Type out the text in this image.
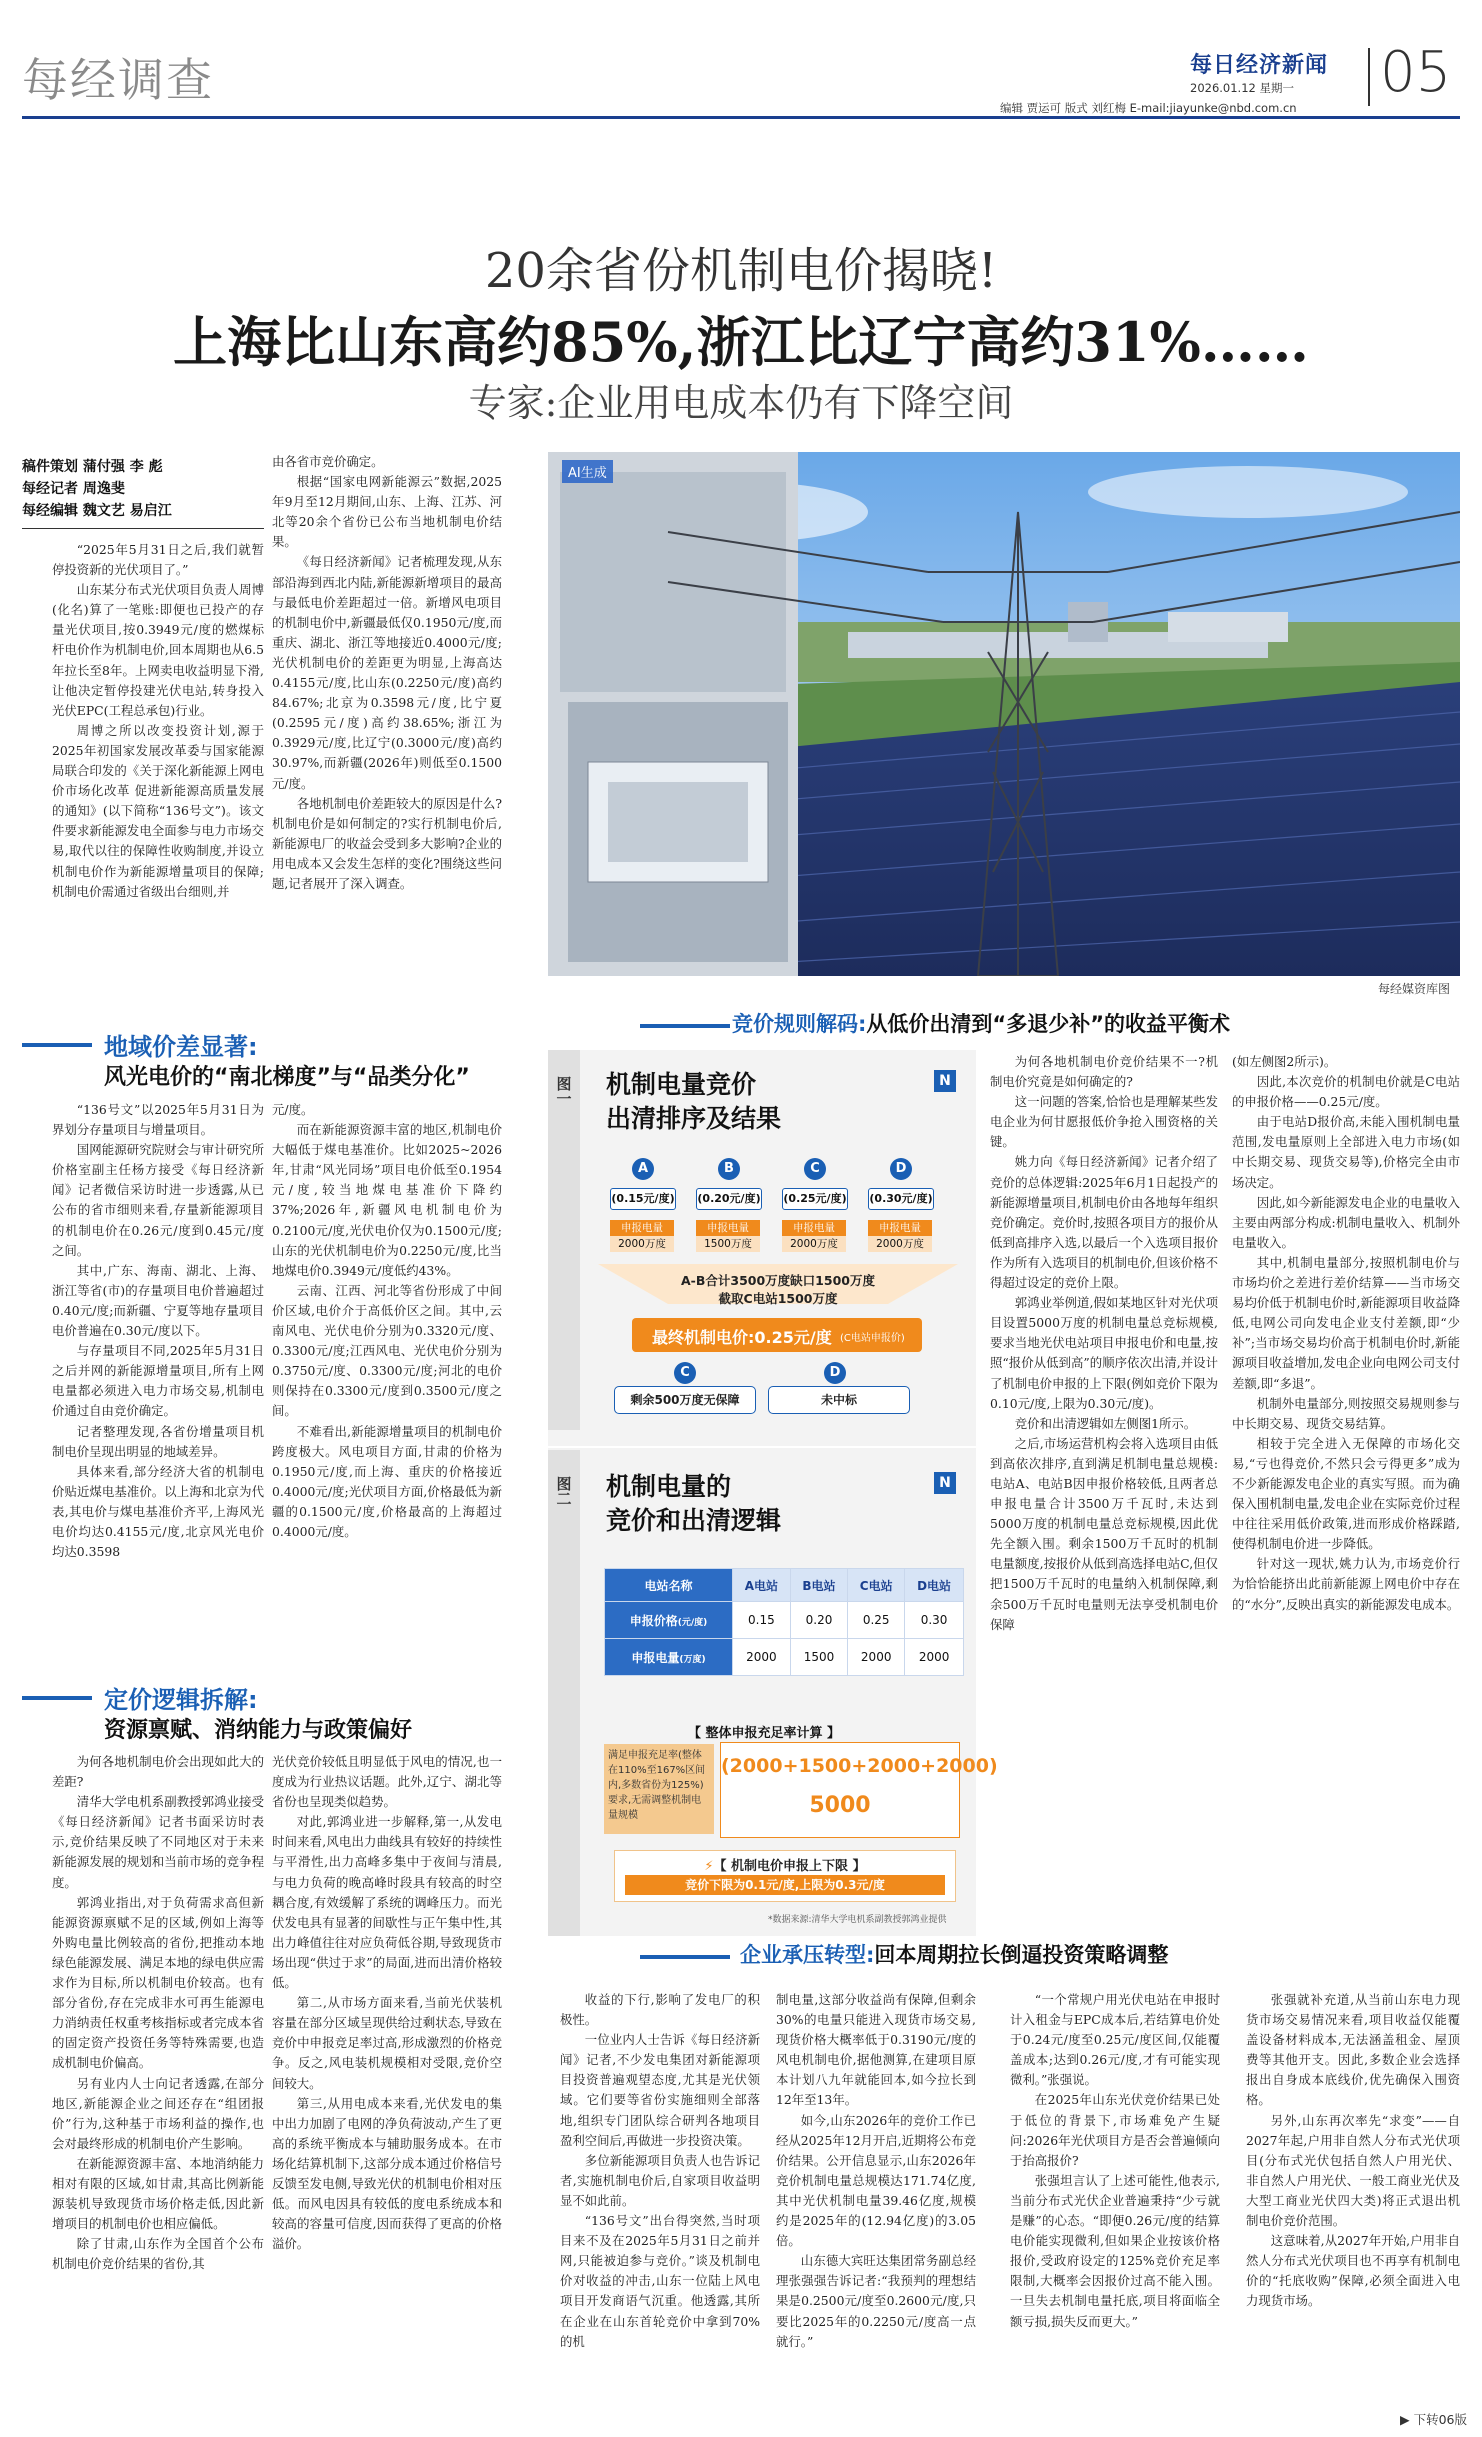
每经调查	每日经济新闻
2026.01.12 星期一
编辑 贾运可 版式 刘红梅 E-mail:jiayunke@nbd.com.cn
05
20余省份机制电价揭晓!
上海比山东高约85%,浙江比辽宁高约31%……
专家:企业用电成本仍有下降空间
稿件策划 蒲付强 李 彪
每经记者 周逸斐
每经编辑 魏文艺 易启江

“2025年5月31日之后,我们就暂停投资新的光伏项目了。”

山东某分布式光伏项目负责人周博(化名)算了一笔账:即便也已投产的存量光伏项目,按0.3949元/度的燃煤标杆电价作为机制电价,回本周期也从6.5年拉长至8年。上网卖电收益明显下滑,让他决定暂停投建光伏电站,转身投入光伏EPC(工程总承包)行业。

周博之所以改变投资计划,源于2025年初国家发展改革委与国家能源局联合印发的《关于深化新能源上网电价市场化改革 促进新能源高质量发展的通知》(以下简称“136号文”)。该文件要求新能源发电全面参与电力市场交易,取代以往的保障性收购制度,并设立机制电价作为新能源增量项目的保障;机制电价需通过省级出台细则,并

由各省市竞价确定。

根据“国家电网新能源云”数据,2025年9月至12月期间,山东、上海、江苏、河北等20余个省份已公布当地机制电价结果。

《每日经济新闻》记者梳理发现,从东部沿海到西北内陆,新能源新增项目的最高与最低电价差距超过一倍。新增风电项目的机制电价中,新疆最低仅0.1950元/度,而重庆、湖北、浙江等地接近0.4000元/度;光伏机制电价的差距更为明显,上海高达0.4155元/度,比山东(0.2250元/度)高约84.67%;北京为0.3598元/度,比宁夏(0.2595元/度)高约38.65%;浙江为0.3929元/度,比辽宁(0.3000元/度)高约30.97%,而新疆(2026年)则低至0.1500元/度。

各地机制电价差距较大的原因是什么?机制电价是如何制定的?实行机制电价后,新能源电厂的收益会受到多大影响?企业的用电成本又会发生怎样的变化?围绕这些问题,记者展开了深入调查。

AI生成
每经媒资库图
地域价差显著:
风光电价的“南北梯度”与“品类分化”

“136号文”以2025年5月31日为界划分存量项目与增量项目。

国网能源研究院财会与审计研究所价格室副主任杨方接受《每日经济新闻》记者微信采访时进一步透露,从已公布的省市细则来看,存量新能源项目的机制电价在0.26元/度到0.45元/度之间。

其中,广东、海南、湖北、上海、浙江等省(市)的存量项目电价普遍超过0.40元/度;而新疆、宁夏等地存量项目电价普遍在0.30元/度以下。

与存量项目不同,2025年5月31日之后并网的新能源增量项目,所有上网电量都必须进入电力市场交易,机制电价通过自由竞价确定。

记者整理发现,各省份增量项目机制电价呈现出明显的地域差异。

具体来看,部分经济大省的机制电价贴近煤电基准价。以上海和北京为代表,其电价与煤电基准价齐平,上海风光电价均达0.4155元/度,北京风光电价均达0.3598

元/度。

而在新能源资源丰富的地区,机制电价大幅低于煤电基准价。比如2025~2026年,甘肃“风光同场”项目电价低至0.1954元/度,较当地煤电基准价下降约37%;2026年,新疆风电机制电价为0.2100元/度,光伏电价仅为0.1500元/度;山东的光伏机制电价为0.2250元/度,比当地煤电价0.3949元/度低约43%。

云南、江西、河北等省份形成了中间价区域,电价介于高低价区之间。其中,云南风电、光伏电价分别为0.3320元/度、0.3300元/度;江西风电、光伏电价分别为0.3750元/度、0.3300元/度;河北的电价则保持在0.3300元/度到0.3500元/度之间。

不难看出,新能源增量项目的机制电价跨度极大。风电项目方面,甘肃的价格为0.1950元/度,而上海、重庆的价格接近0.4000元/度;光伏项目方面,价格最低为新疆的0.1500元/度,价格最高的上海超过0.4000元/度。

定价逻辑拆解:
资源禀赋、消纳能力与政策偏好

为何各地机制电价会出现如此大的差距?

清华大学电机系副教授郭鸿业接受《每日经济新闻》记者书面采访时表示,竞价结果反映了不同地区对于未来新能源发展的规划和当前市场的竞争程度。

郭鸿业指出,对于负荷需求高但新能源资源禀赋不足的区域,例如上海等外购电量比例较高的省份,把推动本地绿色能源发展、满足本地的绿电供应需求作为目标,所以机制电价较高。也有部分省份,存在完成非水可再生能源电力消纳责任权重考核指标或者完成本省的固定资产投资任务等特殊需要,也造成机制电价偏高。

另有业内人士向记者透露,在部分地区,新能源企业之间还存在“组团报价”行为,这种基于市场利益的操作,也会对最终形成的机制电价产生影响。

在新能源资源丰富、本地消纳能力相对有限的区域,如甘肃,其高比例新能源装机导致现货市场价格走低,因此新增项目的机制电价也相应偏低。

除了甘肃,山东作为全国首个公布机制电价竞价结果的省份,其

光伏竞价较低且明显低于风电的情况,也一度成为行业热议话题。此外,辽宁、湖北等省份也呈现类似趋势。

对此,郭鸿业进一步解释,第一,从发电时间来看,风电出力曲线具有较好的持续性与平滑性,出力高峰多集中于夜间与清晨,与电力负荷的晚高峰时段具有较高的时空耦合度,有效缓解了系统的调峰压力。而光伏发电具有显著的间歇性与正午集中性,其出力峰值往往对应负荷低谷期,导致现货市场出现“供过于求”的局面,进而出清价格较低。

第二,从市场方面来看,当前光伏装机容量在部分区域呈现供给过剩状态,导致在竞价中申报竞足率过高,形成激烈的价格竞争。反之,风电装机规模相对受限,竞价空间较大。

第三,从用电成本来看,光伏发电的集中出力加剧了电网的净负荷波动,产生了更高的系统平衡成本与辅助服务成本。在市场化结算机制下,这部分成本通过价格信号反馈至发电侧,导致光伏的机制电价相对压低。而风电因具有较低的度电系统成本和较高的容量可信度,因而获得了更高的价格溢价。

竞价规则解码:从低价出清到“多退少补”的收益平衡术
图一 机制电量竞价
出清排序及结果
N
A
(0.15元/度)
申报电量
2000万度
B
(0.20元/度)
申报电量
1500万度
C
(0.25元/度)
申报电量
2000万度
D
(0.30元/度)
申报电量
2000万度
A-B合计3500万度缺口1500万度
截取C电站1500万度
最终机制电价:0.25元/度 (C电站申报价)
C	D
剩余500万度无保障	未中标
图二 机制电量的
竞价和出清逻辑
N
电站名称	A电站	B电站	C电站	D电站
申报价格(元/度)	0.15	0.20	0.25	0.30
申报电量(万度)	2000	1500	2000	2000
【 整体申报充足率计算 】
满足申报充足率(整体在110%至167%区间内,多数省份为125%)要求,无需调整机制电量规模
(2000+1500+2000+2000)
5000
⚡【 机制电价申报上下限 】
竞价下限为0.1元/度,上限为0.3元/度
*数据来源:清华大学电机系副教授郭鸿业提供

为何各地机制电价竞价结果不一?机制电价究竟是如何确定的?

这一问题的答案,恰恰也是理解某些发电企业为何甘愿报低价争抢入围资格的关键。

姚力向《每日经济新闻》记者介绍了竞价的总体逻辑:2025年6月1日起投产的新能源增量项目,机制电价由各地每年组织竞价确定。竞价时,按照各项目方的报价从低到高排序入选,以最后一个入选项目报价作为所有入选项目的机制电价,但该价格不得超过设定的竞价上限。

郭鸿业举例道,假如某地区针对光伏项目设置5000万度的机制电量总竞标规模,要求当地光伏电站项目申报电价和电量,按照“报价从低到高”的顺序依次出清,并设计了机制电价申报的上下限(例如竞价下限为0.10元/度,上限为0.30元/度)。

竞价和出清逻辑如左侧图1所示。

之后,市场运营机构会将入选项目由低到高依次排序,直到满足机制电量总规模:电站A、电站B因申报价格较低,且两者总申报电量合计3500万千瓦时,未达到5000万度的机制电量总竞标规模,因此优先全额入围。剩余1500万千瓦时的机制电量额度,按报价从低到高选择电站C,但仅把1500万千瓦时的电量纳入机制保障,剩余500万千瓦时电量则无法享受机制电价保障

(如左侧图2所示)。

因此,本次竞价的机制电价就是C电站的申报价格——0.25元/度。

由于电站D报价高,未能入围机制电量范围,发电量原则上全部进入电力市场(如中长期交易、现货交易等),价格完全由市场决定。

因此,如今新能源发电企业的电量收入主要由两部分构成:机制电量收入、机制外电量收入。

其中,机制电量部分,按照机制电价与市场均价之差进行差价结算——当市场交易均价低于机制电价时,新能源项目收益降低,电网公司向发电企业支付差额,即“少补”;当市场交易均价高于机制电价时,新能源项目收益增加,发电企业向电网公司支付差额,即“多退”。

机制外电量部分,则按照交易规则参与中长期交易、现货交易结算。

相较于完全进入无保障的市场化交易,“亏也得竞价,不然只会亏得更多”成为不少新能源发电企业的真实写照。而为确保入围机制电量,发电企业在实际竞价过程中往往采用低价政策,进而形成价格踩踏,使得机制电价进一步降低。

针对这一现状,姚力认为,市场竞价行为恰恰能挤出此前新能源上网电价中存在的“水分”,反映出真实的新能源发电成本。

企业承压转型:回本周期拉长倒逼投资策略调整

收益的下行,影响了发电厂的积极性。

一位业内人士告诉《每日经济新闻》记者,不少发电集团对新能源项目投资普遍观望态度,尤其是光伏领域。它们要等省份实施细则全部落地,组织专门团队综合研判各地项目盈利空间后,再做进一步投资决策。

多位新能源项目负责人也告诉记者,实施机制电价后,自家项目收益明显不如此前。

“136号文”出台得突然,当时项目来不及在2025年5月31日之前并网,只能被迫参与竞价。”谈及机制电价对收益的冲击,山东一位陆上风电项目开发商语气沉重。他透露,其所在企业在山东首轮竞价中拿到70%的机

制电量,这部分收益尚有保障,但剩余30%的电量只能进入现货市场交易,现货价格大概率低于0.3190元/度的风电机制电价,据他测算,在建项目原本计划八九年就能回本,如今拉长到12年至13年。

如今,山东2026年的竞价工作已经从2025年12月开启,近期将公布竞价结果。公开信息显示,山东2026年竞价机制电量总规模达171.74亿度,其中光伏机制电量39.46亿度,规模约是2025年的(12.94亿度)的3.05倍。

山东德大宾旺达集团常务副总经理张强强告诉记者:“我预判的理想结果是0.2500元/度至0.2600元/度,只要比2025年的0.2250元/度高一点就行。”

“一个常规户用光伏电站在申报时计入租金与EPC成本后,若结算电价处于0.24元/度至0.25元/度区间,仅能覆盖成本;达到0.26元/度,才有可能实现微利。”张强说。

在2025年山东光伏竞价结果已处于低位的背景下,市场难免产生疑问:2026年光伏项目方是否会普遍倾向于抬高报价?

张强坦言认了上述可能性,他表示,当前分布式光伏企业普遍秉持“少亏就是赚”的心态。“即便0.26元/度的结算电价能实现微利,但如果企业按该价格报价,受政府设定的125%竞价充足率限制,大概率会因报价过高不能入围。一旦失去机制电量托底,项目将面临全额亏损,损失反而更大。”

张强就补充道,从当前山东电力现货市场交易情况来看,项目收益仅能覆盖设备材料成本,无法涵盖租金、屋顶费等其他开支。因此,多数企业会选择报出自身成本底线价,优先确保入围资格。

另外,山东再次率先“求变”——自2027年起,户用非自然人分布式光伏项目(分布式光伏包括自然人户用光伏、非自然人户用光伏、一般工商业光伏及大型工商业光伏四大类)将正式退出机制电价竞价范围。

这意味着,从2027年开始,户用非自然人分布式光伏项目也不再享有机制电价的“托底收购”保障,必须全面进入电力现货市场。

▶ 下转06版
